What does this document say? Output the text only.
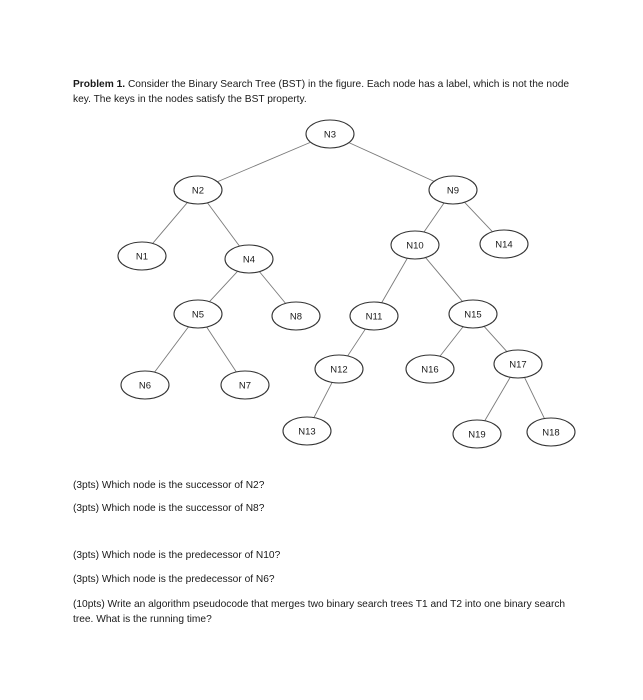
Problem 1. Consider the Binary Search Tree (BST) in the figure. Each node has a label, which is not the node key. The keys in the nodes satisfy the BST property.

N1
N2
N3
N4
N5
N6	N7
N8
N9
N10
N11
N12
N13
N14
N15
N16	N17
N18
N19

(3pts) Which node is the successor of N2?

(3pts) Which node is the successor of N8?

(3pts) Which node is the predecessor of N10?

(3pts) Which node is the predecessor of N6?

(10pts) Write an algorithm pseudocode that merges two binary search trees T1 and T2 into one binary search tree. What is the running time?
